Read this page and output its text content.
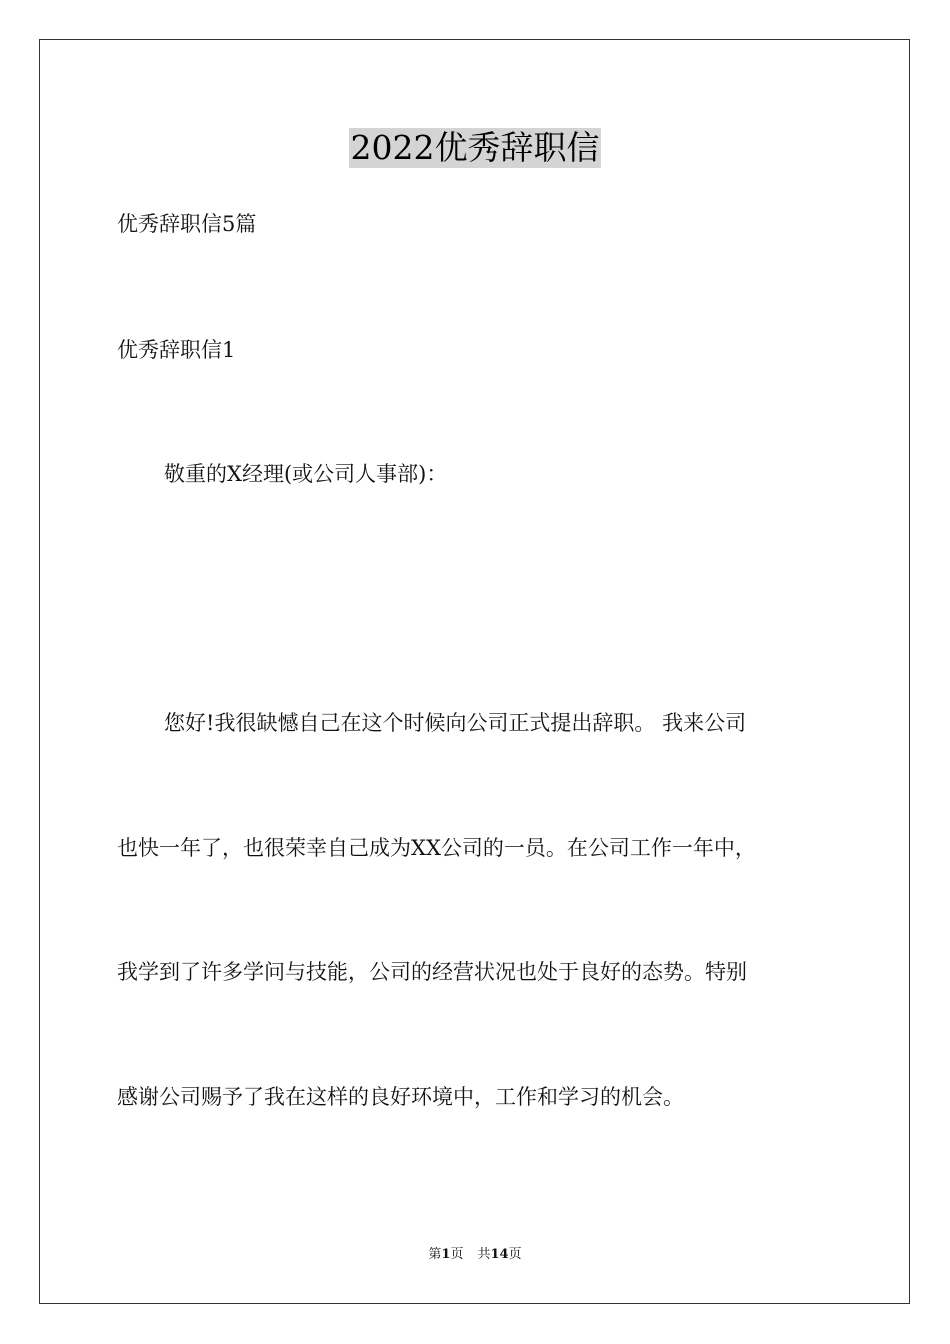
2022优秀辞职信
优秀辞职信5篇
优秀辞职信1
敬重的X经理(或公司人事部)：
您好!我很缺憾自己在这个时候向公司正式提出辞职。 我来公司
也快一年了，也很荣幸自己成为XX公司的一员。在公司工作一年中，
我学到了许多学问与技能，公司的经营状况也处于良好的态势。特别
感谢公司赐予了我在这样的良好环境中，工作和学习的机会。
第1页 共14页
